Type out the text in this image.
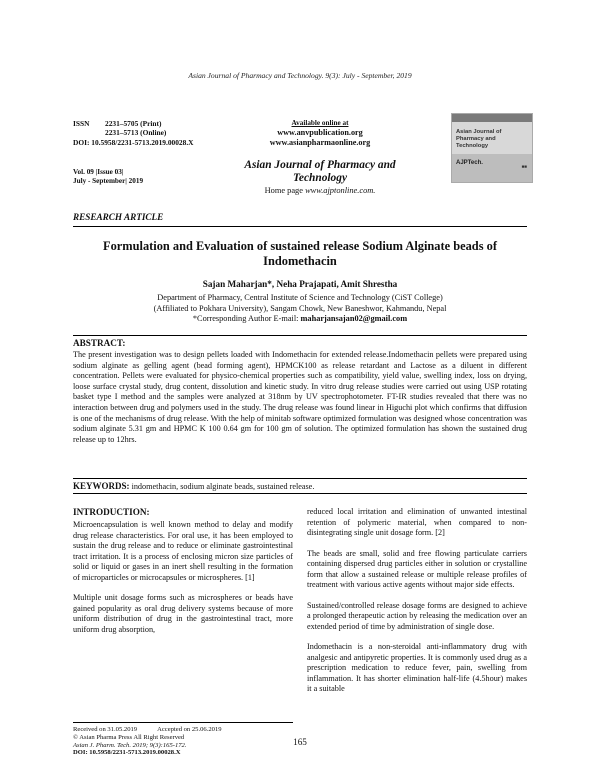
Asian Journal of Pharmacy and Technology. 9(3): July - September, 2019
ISSN 2231–5705 (Print)
2231–5713 (Online)
DOI: 10.5958/2231-5713.2019.00028.X
Available online at
www.anvpublication.org
www.asianpharmaonline.org
Vol. 09 |Issue 03|
July - September| 2019
Asian Journal of Pharmacy and Technology
Home page www.ajptonline.com.
Asian Journal of Pharmacy and Technology
AJPTech.
■■
RESEARCH ARTICLE
Formulation and Evaluation of sustained release Sodium Alginate beads of Indomethacin
Sajan Maharjan*, Neha Prajapati, Amit Shrestha
Department of Pharmacy, Central Institute of Science and Technology (CiST College)
(Affiliated to Pokhara University), Sangam Chowk, New Baneshwor, Kahmandu, Nepal
*Corresponding Author E-mail: maharjansajan02@gmail.com
ABSTRACT:
The present investigation was to design pellets loaded with Indomethacin for extended release.Indomethacin pellets were prepared using sodium alginate as gelling agent (bead forming agent), HPMCK100 as release retardant and Lactose as a diluent in different concentration. Pellets were evaluated for physico-chemical properties such as compatibility, yield value, swelling index, loss on drying, loose surface crystal study, drug content, dissolution and kinetic study. In vitro drug release studies were carried out using USP rotating basket type I method and the samples were analyzed at 318nm by UV spectrophotometer. FT-IR studies revealed that there was no interaction between drug and polymers used in the study. The drug release was found linear in Higuchi plot which confirms that diffusion is one of the mechanisms of drug release. With the help of minitab software optimized formulation was designed whose concentration was sodium alginate 5.31 gm and HPMC K 100 0.64 gm for 100 gm of solution. The optimized formulation has shown the sustained drug release up to 12hrs.
KEYWORDS: indomethacin, sodium alginate beads, sustained release.
INTRODUCTION:

Microencapsulation is well known method to delay and modify drug release characteristics. For oral use, it has been employed to sustain the drug release and to reduce or eliminate gastrointestinal tract irritation. It is a process of enclosing micron size particles of solid or liquid or gases in an inert shell resulting in the formation of microparticles or microcapsules or microspheres. [1]

Multiple unit dosage forms such as microspheres or beads have gained popularity as oral drug delivery systems because of more uniform distribution of drug in the gastrointestinal tract, more uniform drug absorption,

reduced local irritation and elimination of unwanted intestinal retention of polymeric material, when compared to non-disintegrating single unit dosage form. [2]

The beads are small, solid and free flowing particulate carriers containing dispersed drug particles either in solution or crystalline form that allow a sustained release or multiple release profiles of treatment with various active agents without major side effects.

Sustained/controlled release dosage forms are designed to achieve a prolonged therapeutic action by releasing the medication over an extended period of time by administration of single dose.

Indomethacin is a non-steroidal anti-inflammatory drug with analgesic and antipyretic properties. It is commonly used drug as a prescription medication to reduce fever, pain, swelling from inflammation. It has shorter elimination half-life (4.5hour) makes it a suitable

Received on 31.05.2019	Accepted on 25.06.2019
© Asian Pharma Press All Right Reserved
Asian J. Pharm. Tech. 2019; 9(3):165-172.
DOI: 10.5958/2231-5713.2019.00028.X
165
